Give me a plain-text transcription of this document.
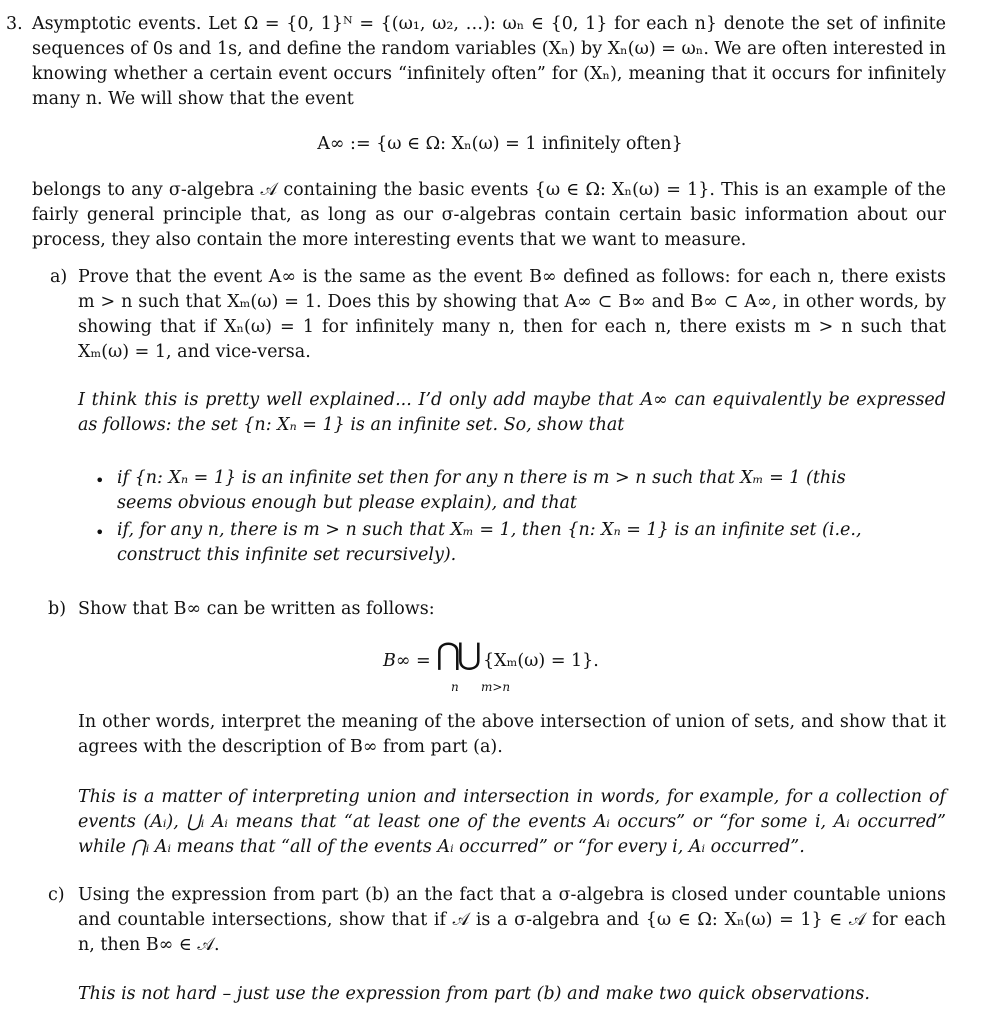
3. Asymptotic events. Let Ω = {0, 1}ᴺ = {(ω₁, ω₂, …): ωₙ ∈ {0, 1} for each n} denote the set of infinite sequences of 0s and 1s, and define the random variables (Xₙ) by Xₙ(ω) = ωₙ. We are often interested in knowing whether a certain event occurs “infinitely often” for (Xₙ), meaning that it occurs for infinitely many n. We will show that the event

A∞ := {ω ∈ Ω: Xₙ(ω) = 1 infinitely often}

belongs to any σ-algebra 𝒜 containing the basic events {ω ∈ Ω: Xₙ(ω) = 1}. This is an example of the fairly general principle that, as long as our σ-algebras contain certain basic information about our process, they also contain the more interesting events that we want to measure.

a) Prove that the event A∞ is the same as the event B∞ defined as follows: for each n, there exists m > n such that Xₘ(ω) = 1. Does this by showing that A∞ ⊂ B∞ and B∞ ⊂ A∞, in other words, by showing that if Xₙ(ω) = 1 for infinitely many n, then for each n, there exists m > n such that Xₘ(ω) = 1, and vice-versa.

I think this is pretty well explained... I’d only add maybe that A∞ can equivalently be expressed as follows: the set {n: Xₙ = 1} is an infinite set. So, show that

• if {n: Xₙ = 1} is an infinite set then for any n there is m > n such that Xₘ = 1 (this seems obvious enough but please explain), and that

• if, for any n, there is m > n such that Xₘ = 1, then {n: Xₙ = 1} is an infinite set (i.e., construct this infinite set recursively).

b) Show that B∞ can be written as follows:

B∞ = ⋂
⋃
n m>n
{Xₘ(ω) = 1}.

In other words, interpret the meaning of the above intersection of union of sets, and show that it agrees with the description of B∞ from part (a).

This is a matter of interpreting union and intersection in words, for example, for a collection of events (Aᵢ), ⋃ᵢ Aᵢ means that “at least one of the events Aᵢ occurs” or “for some i, Aᵢ occurred” while ⋂ᵢ Aᵢ means that “all of the events Aᵢ occurred” or “for every i, Aᵢ occurred”.

c) Using the expression from part (b) an the fact that a σ-algebra is closed under countable unions and countable intersections, show that if 𝒜 is a σ-algebra and {ω ∈ Ω: Xₙ(ω) = 1} ∈ 𝒜 for each n, then B∞ ∈ 𝒜.

This is not hard – just use the expression from part (b) and make two quick observations.
